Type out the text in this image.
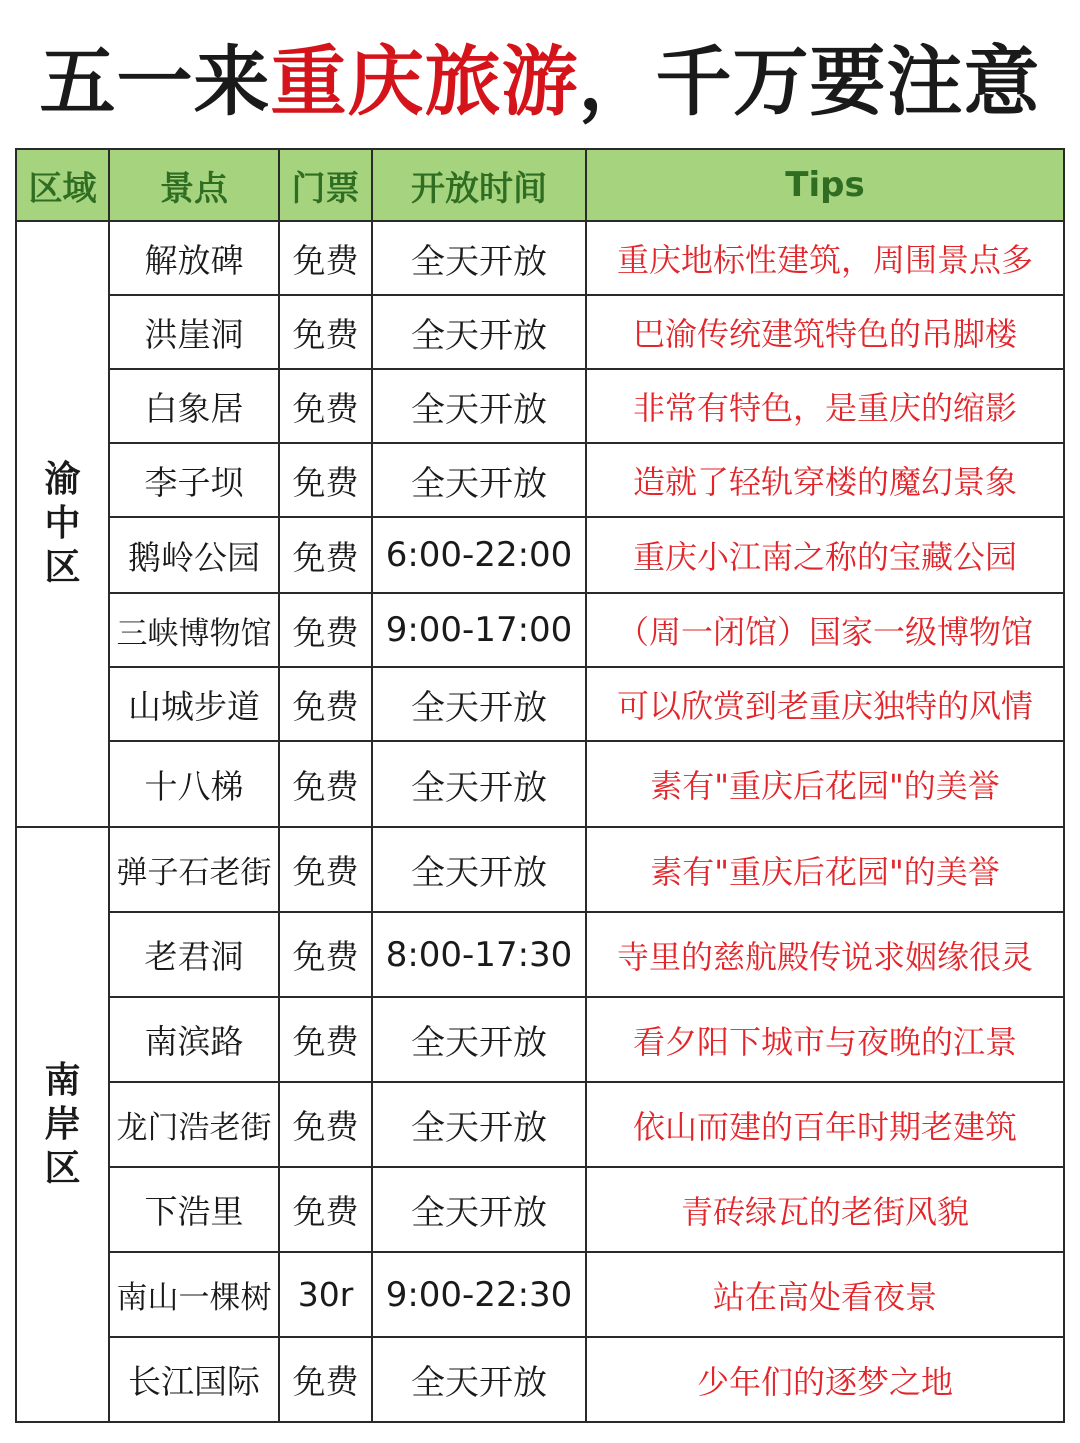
五一来重庆旅游，千万要注意
区域	景点	门票	开放时间	Tips

渝
中
区	解放碑	免费	全天开放	重庆地标性建筑，周围景点多
	洪崖洞	免费	全天开放	巴渝传统建筑特色的吊脚楼
	白象居	免费	全天开放	非常有特色，是重庆的缩影
	李子坝	免费	全天开放	造就了轻轨穿楼的魔幻景象
	鹅岭公园	免费	6:00-22:00	重庆小江南之称的宝藏公园
	三峡博物馆	免费	9:00-17:00	（周一闭馆）国家一级博物馆
	山城步道	免费	全天开放	可以欣赏到老重庆独特的风情
	十八梯	免费	全天开放	素有"重庆后花园"的美誉

南
岸
区	弹子石老街	免费	全天开放	素有"重庆后花园"的美誉
	老君洞	免费	8:00-17:30	寺里的慈航殿传说求姻缘很灵
	南滨路	免费	全天开放	看夕阳下城市与夜晚的江景
	龙门浩老街	免费	全天开放	依山而建的百年时期老建筑
	下浩里	免费	全天开放	青砖绿瓦的老街风貌
	南山一棵树	30r	9:00-22:30	站在高处看夜景
	长江国际	免费	全天开放	少年们的逐梦之地
